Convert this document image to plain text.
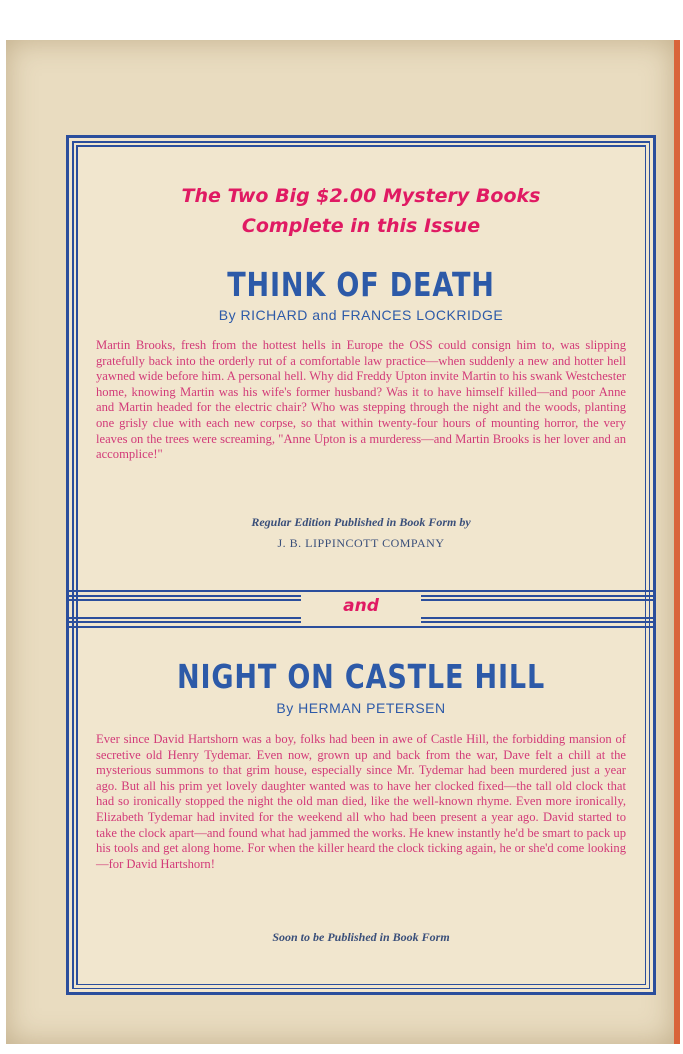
The Two Big $2.00 Mystery Books
Complete in this Issue
THINK OF DEATH
By RICHARD and FRANCES LOCKRIDGE
Martin Brooks, fresh from the hottest hells in Europe the OSS could consign him to, was slipping gratefully back into the orderly rut of a comfortable law practice—when suddenly a new and hotter hell yawned wide before him. A personal hell. Why did Freddy Upton invite Martin to his swank Westchester home, knowing Martin was his wife's former husband? Was it to have himself killed—and poor Anne and Martin headed for the electric chair? Who was stepping through the night and the woods, planting one grisly clue with each new corpse, so that within twenty-four hours of mounting horror, the very leaves on the trees were screaming, "Anne Upton is a murderess—and Martin Brooks is her lover and an accomplice!"
Regular Edition Published in Book Form by
J. B. LIPPINCOTT COMPANY
and
NIGHT ON CASTLE HILL
By HERMAN PETERSEN
Ever since David Hartshorn was a boy, folks had been in awe of Castle Hill, the forbidding mansion of secretive old Henry Tydemar. Even now, grown up and back from the war, Dave felt a chill at the mysterious summons to that grim house, especially since Mr. Tydemar had been murdered just a year ago. But all his prim yet lovely daughter wanted was to have her clocked fixed—the tall old clock that had so ironically stopped the night the old man died, like the well-known rhyme. Even more ironically, Elizabeth Tydemar had invited for the weekend all who had been present a year ago. David started to take the clock apart—and found what had jammed the works. He knew instantly he'd be smart to pack up his tools and get along home. For when the killer heard the clock ticking again, he or she'd come looking—for David Hartshorn!
Soon to be Published in Book Form
